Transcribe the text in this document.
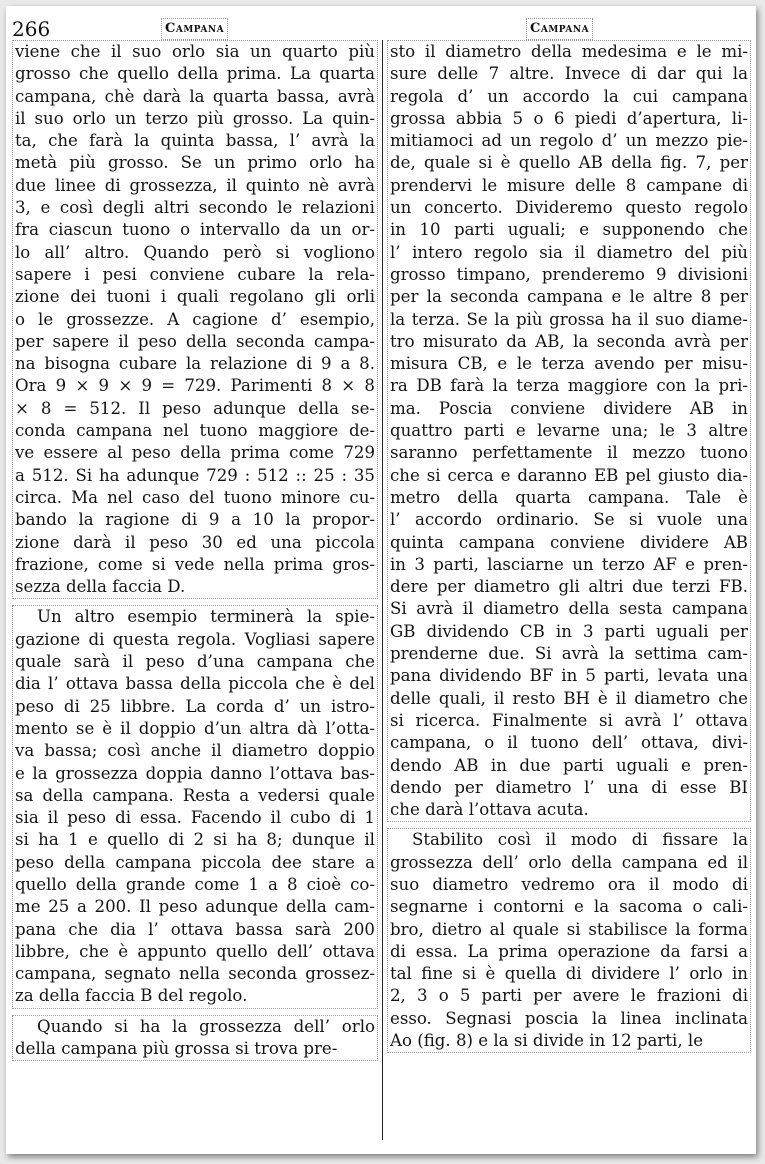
266	Campana	Campana
viene che il suo orlo sia un quarto più
grosso che quello della prima. La quarta
campana, chè darà la quarta bassa, avrà
il suo orlo un terzo più grosso. La quin-
ta, che farà la quinta bassa, l’ avrà la
metà più grosso. Se un primo orlo ha
due linee di grossezza, il quinto nè avrà
3, e così degli altri secondo le relazioni
fra ciascun tuono o intervallo da un or-
lo all’ altro. Quando però si vogliono
sapere i pesi conviene cubare la rela-
zione dei tuoni i quali regolano gli orli
o le grossezze. A cagione d’ esempio,
per sapere il peso della seconda campa-
na bisogna cubare la relazione di 9 a 8.
Ora 9 × 9 × 9 = 729. Parimenti 8 × 8
× 8 = 512. Il peso adunque della se-
conda campana nel tuono maggiore de-
ve essere al peso della prima come 729
a 512. Si ha adunque 729 : 512 :: 25 : 35
circa. Ma nel caso del tuono minore cu-
bando la ragione di 9 a 10 la propor-
zione darà il peso 30 ed una piccola
frazione, come si vede nella prima gros-
sezza della faccia D.
Un altro esempio terminerà la spie-
gazione di questa regola. Vogliasi sapere
quale sarà il peso d’una campana che
dia l’ ottava bassa della piccola che è del
peso di 25 libbre. La corda d’ un istro-
mento se è il doppio d’un altra dà l’otta-
va bassa; così anche il diametro doppio
e la grossezza doppia danno l’ottava bas-
sa della campana. Resta a vedersi quale
sia il peso di essa. Facendo il cubo di 1
si ha 1 e quello di 2 si ha 8; dunque il
peso della campana piccola dee stare a
quello della grande come 1 a 8 cioè co-
me 25 a 200. Il peso adunque della cam-
pana che dia l’ ottava bassa sarà 200
libbre, che è appunto quello dell’ ottava
campana, segnato nella seconda grossez-
za della faccia B del regolo.
Quando si ha la grossezza dell’ orlo
della campana più grossa si trova pre-
sto il diametro della medesima e le mi-
sure delle 7 altre. Invece di dar qui la
regola d’ un accordo la cui campana
grossa abbia 5 o 6 piedi d’apertura, li-
mitiamoci ad un regolo d’ un mezzo pie-
de, quale si è quello AB della fig. 7, per
prendervi le misure delle 8 campane di
un concerto. Divideremo questo regolo
in 10 parti uguali; e supponendo che
l’ intero regolo sia il diametro del più
grosso timpano, prenderemo 9 divisioni
per la seconda campana e le altre 8 per
la terza. Se la più grossa ha il suo diame-
tro misurato da AB, la seconda avrà per
misura CB, e le terza avendo per misu-
ra DB farà la terza maggiore con la pri-
ma. Poscia conviene dividere AB in
quattro parti e levarne una; le 3 altre
saranno perfettamente il mezzo tuono
che si cerca e daranno EB pel giusto dia-
metro della quarta campana. Tale è
l’ accordo ordinario. Se si vuole una
quinta campana conviene dividere AB
in 3 parti, lasciarne un terzo AF e pren-
dere per diametro gli altri due terzi FB.
Si avrà il diametro della sesta campana
GB dividendo CB in 3 parti uguali per
prenderne due. Si avrà la settima cam-
pana dividendo BF in 5 parti, levata una
delle quali, il resto BH è il diametro che
si ricerca. Finalmente si avrà l’ ottava
campana, o il tuono dell’ ottava, divi-
dendo AB in due parti uguali e pren-
dendo per diametro l’ una di esse BI
che darà l’ottava acuta.
Stabilito così il modo di fissare la
grossezza dell’ orlo della campana ed il
suo diametro vedremo ora il modo di
segnarne i contorni e la sacoma o cali-
bro, dietro al quale si stabilisce la forma
di essa. La prima operazione da farsi a
tal fine si è quella di dividere l’ orlo in
2, 3 o 5 parti per avere le frazioni di
esso. Segnasi poscia la linea inclinata
Ao (fig. 8) e la si divide in 12 parti, le
